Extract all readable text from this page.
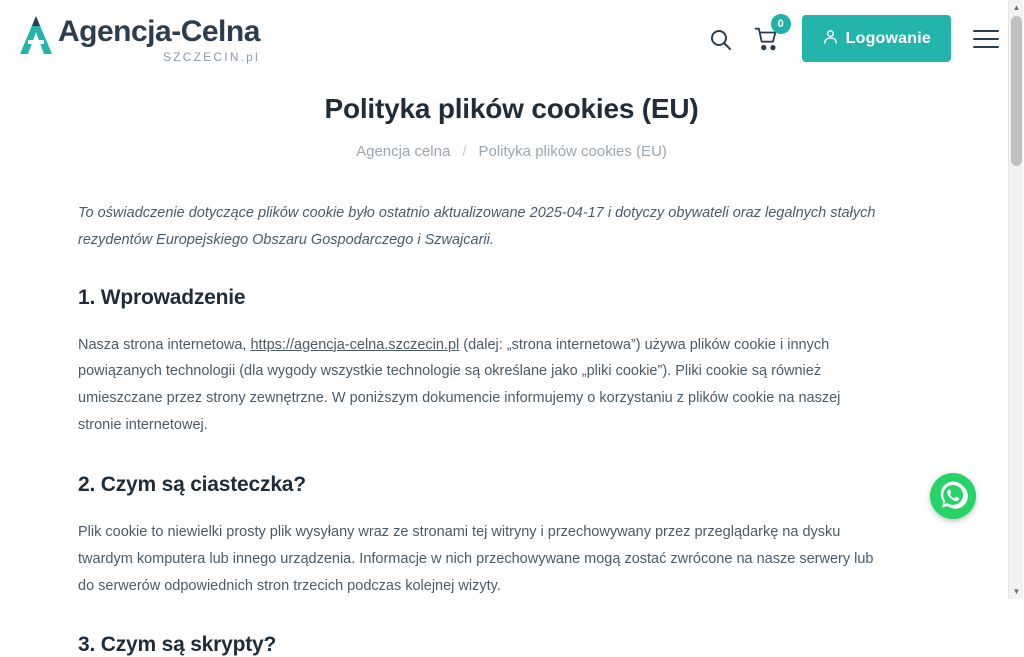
Agencja-Celna
SZCZECIN.pl
0
Logowanie
Polityka plików cookies (EU)
Agencja celna / Polityka plików cookies (EU)

To oświadczenie dotyczące plików cookie było ostatnio aktualizowane 2025-04-17 i dotyczy obywateli oraz legalnych stałych rezydentów Europejskiego Obszaru Gospodarczego i Szwajcarii.

1. Wprowadzenie

Nasza strona internetowa, https://agencja-celna.szczecin.pl (dalej: „strona internetowa”) używa plików cookie i innych powiązanych technologii (dla wygody wszystkie technologie są określane jako „pliki cookie”). Pliki cookie są również umieszczane przez strony zewnętrzne. W poniższym dokumencie informujemy o korzystaniu z plików cookie na naszej stronie internetowej.

2. Czym są ciasteczka?

Plik cookie to niewielki prosty plik wysyłany wraz ze stronami tej witryny i przechowywany przez przeglądarkę na dysku twardym komputera lub innego urządzenia. Informacje w nich przechowywane mogą zostać zwrócone na nasze serwery lub do serwerów odpowiednich stron trzecich podczas kolejnej wizyty.

3. Czym są skrypty?
▲
▼
